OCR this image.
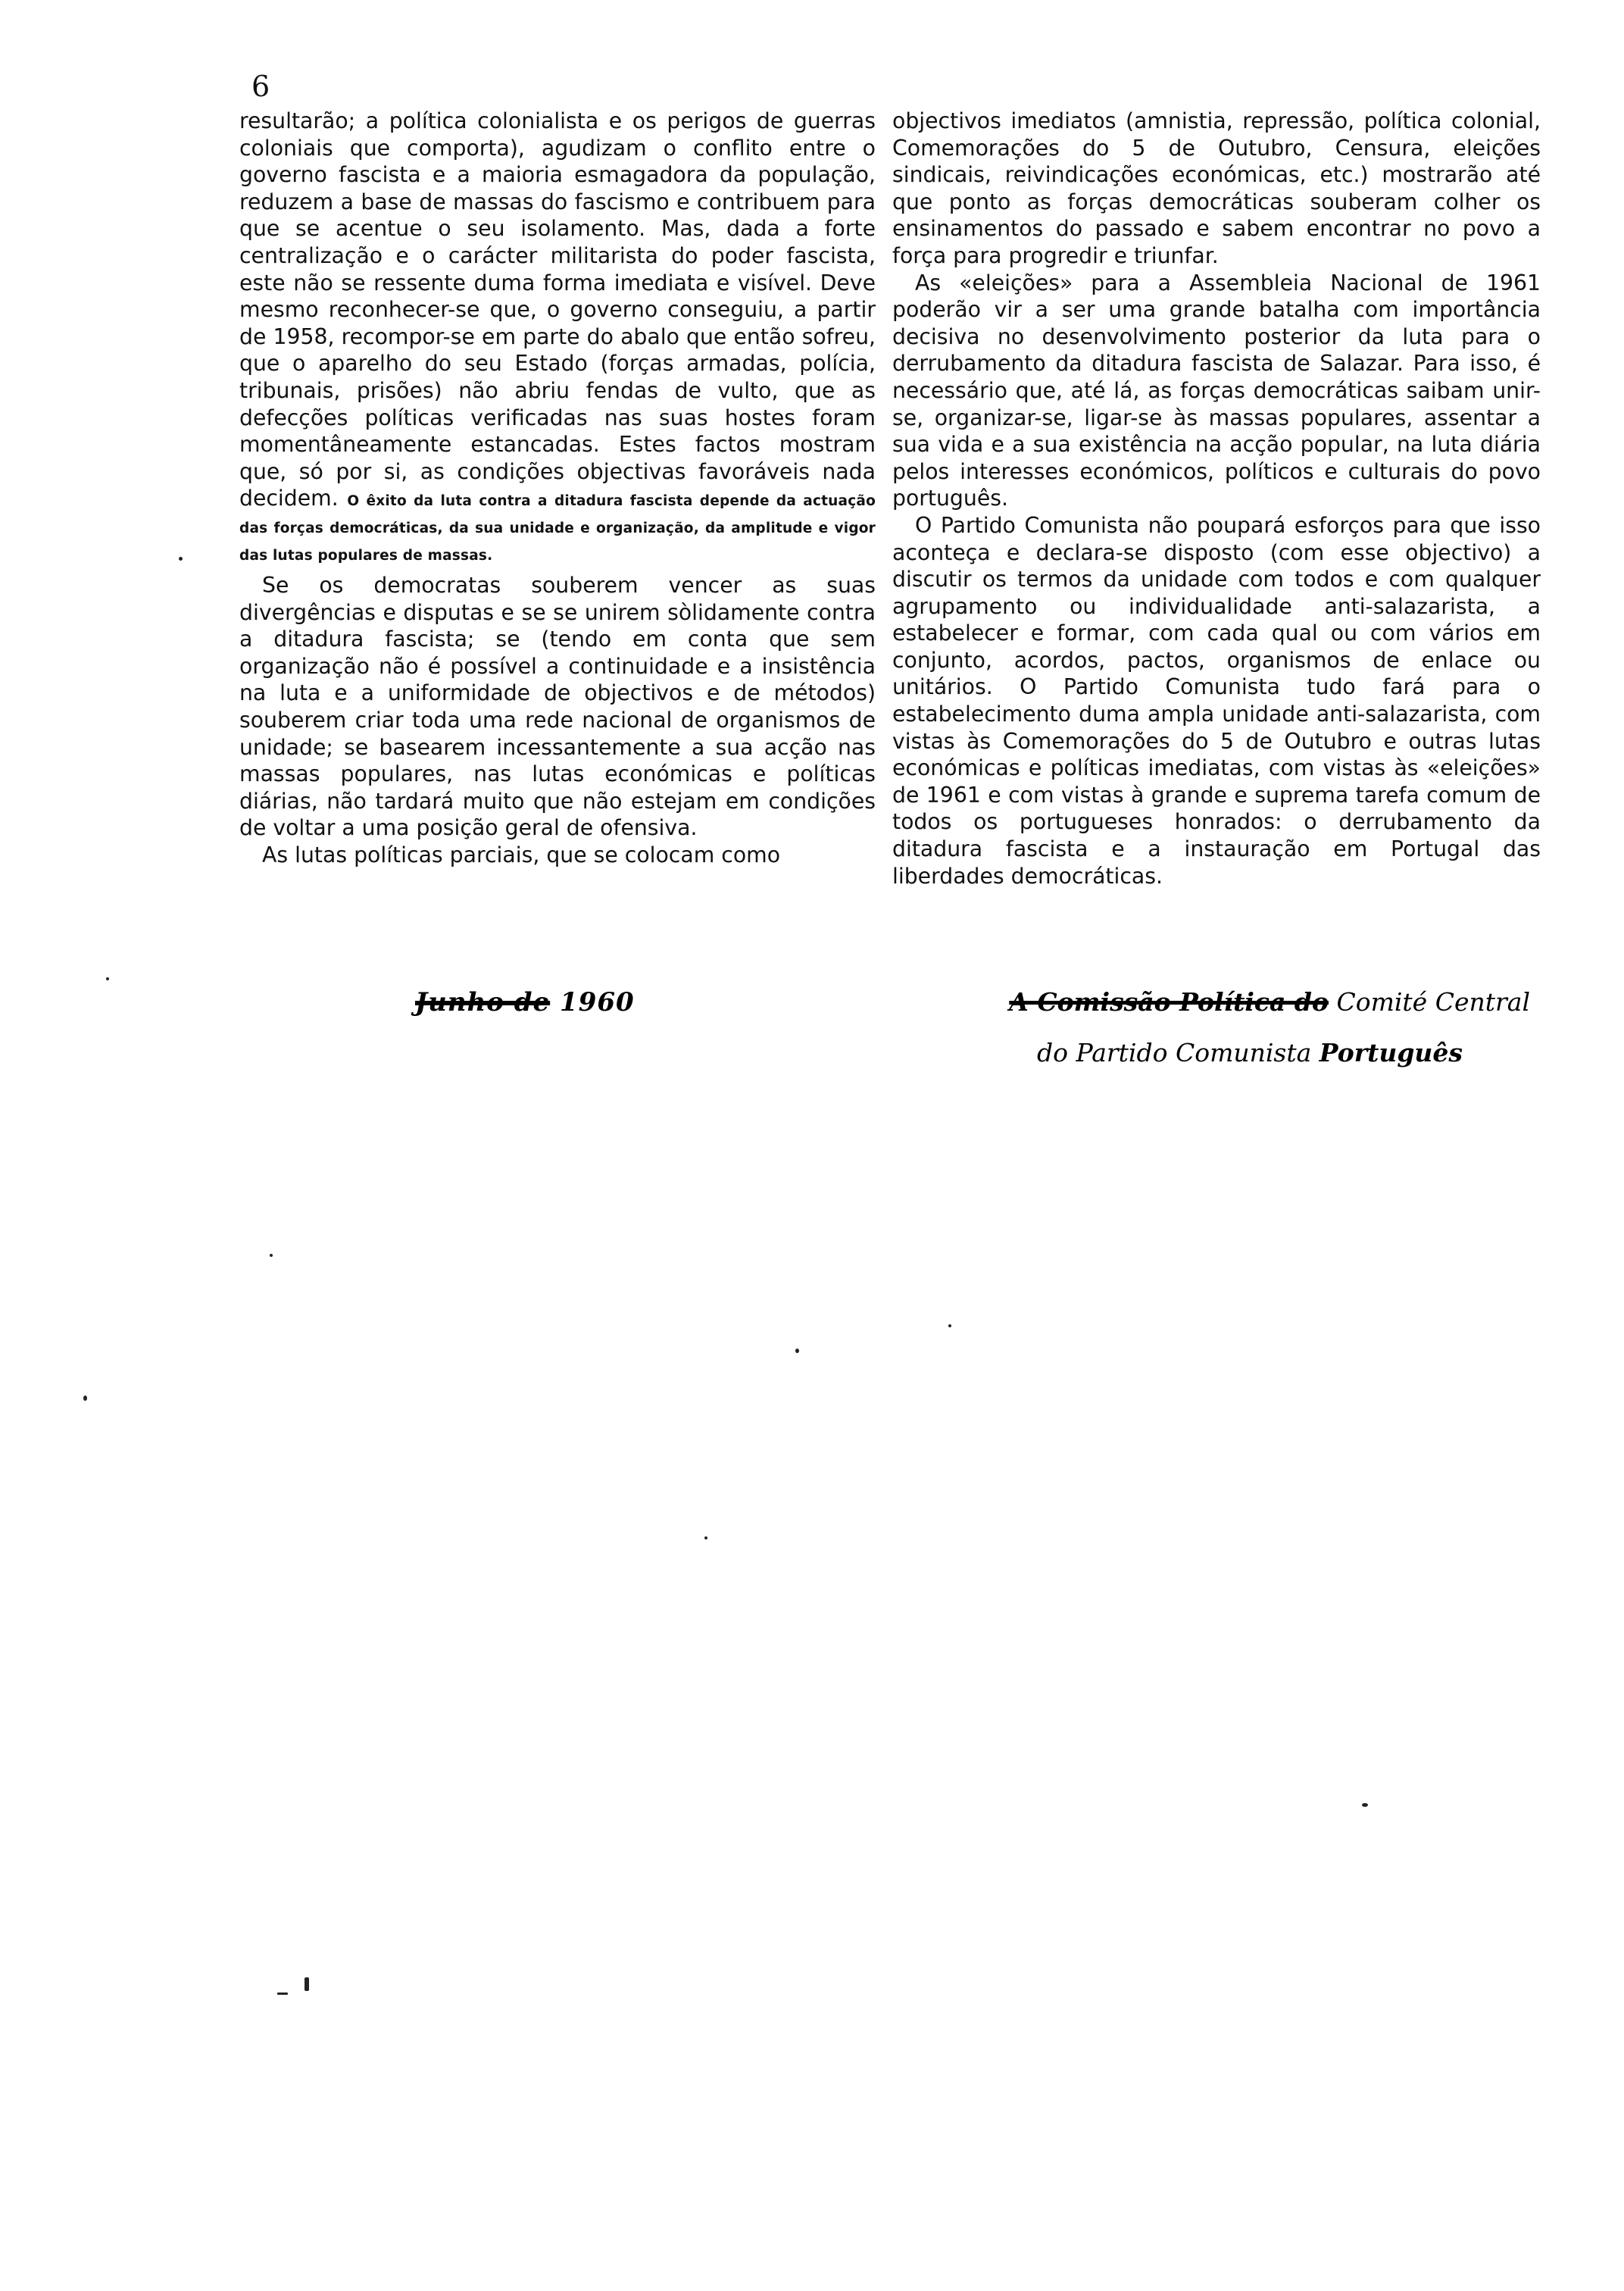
6

resultarão; a política colonialista e os perigos de guerras coloniais que comporta), agudizam o conflito entre o governo fascista e a maioria esmagadora da população, reduzem a base de massas do fascismo e contribuem para que se acentue o seu isolamento. Mas, dada a forte centralização e o carácter militarista do poder fascista, este não se ressente duma forma imediata e visível. Deve mesmo reconhecer-se que, o governo conseguiu, a partir de 1958, recompor-se em parte do abalo que então sofreu, que o aparelho do seu Estado (forças armadas, polícia, tribunais, prisões) não abriu fendas de vulto, que as defecções políticas verificadas nas suas hostes foram momentâneamente estancadas. Estes factos mostram que, só por si, as condições objectivas favoráveis nada decidem. O êxito da luta contra a ditadura fascista depende da actuação das forças democráticas, da sua unidade e organização, da amplitude e vigor das lutas populares de massas.

Se os democratas souberem vencer as suas divergências e disputas e se se unirem sòlidamente contra a ditadura fascista; se (tendo em conta que sem organização não é possível a continuidade e a insistência na luta e a uniformidade de objectivos e de métodos) souberem criar toda uma rede nacional de organismos de unidade; se basearem incessantemente a sua acção nas massas populares, nas lutas económicas e políticas diárias, não tardará muito que não estejam em condições de voltar a uma posição geral de ofensiva.

As lutas políticas parciais, que se colocam como

objectivos imediatos (amnistia, repressão, política colonial, Comemorações do 5 de Outubro, Censura, eleições sindicais, reivindicações económicas, etc.) mostrarão até que ponto as forças democráticas souberam colher os ensinamentos do passado e sabem encontrar no povo a força para progredir e triunfar.

As «eleições» para a Assembleia Nacional de 1961 poderão vir a ser uma grande batalha com importância decisiva no desenvolvimento posterior da luta para o derrubamento da ditadura fascista de Salazar. Para isso, é necessário que, até lá, as forças democráticas saibam unir-se, organizar-se, ligar-se às massas populares, assentar a sua vida e a sua existência na acção popular, na luta diária pelos interesses económicos, políticos e culturais do povo português.

O Partido Comunista não poupará esforços para que isso aconteça e declara-se disposto (com esse objectivo) a discutir os termos da unidade com todos e com qualquer agrupamento ou individualidade anti-salazarista, a estabelecer e formar, com cada qual ou com vários em conjunto, acordos, pactos, organismos de enlace ou unitários. O Partido Comunista tudo fará para o estabelecimento duma ampla unidade anti-salazarista, com vistas às Comemorações do 5 de Outubro e outras lutas económicas e políticas imediatas, com vistas às «eleições» de 1961 e com vistas à grande e suprema tarefa comum de todos os portugueses honrados: o derrubamento da ditadura fascista e a instauração em Portugal das liberdades democráticas.

Junho de 1960	A Comissão Política do Comité Central
do Partido Comunista Português
